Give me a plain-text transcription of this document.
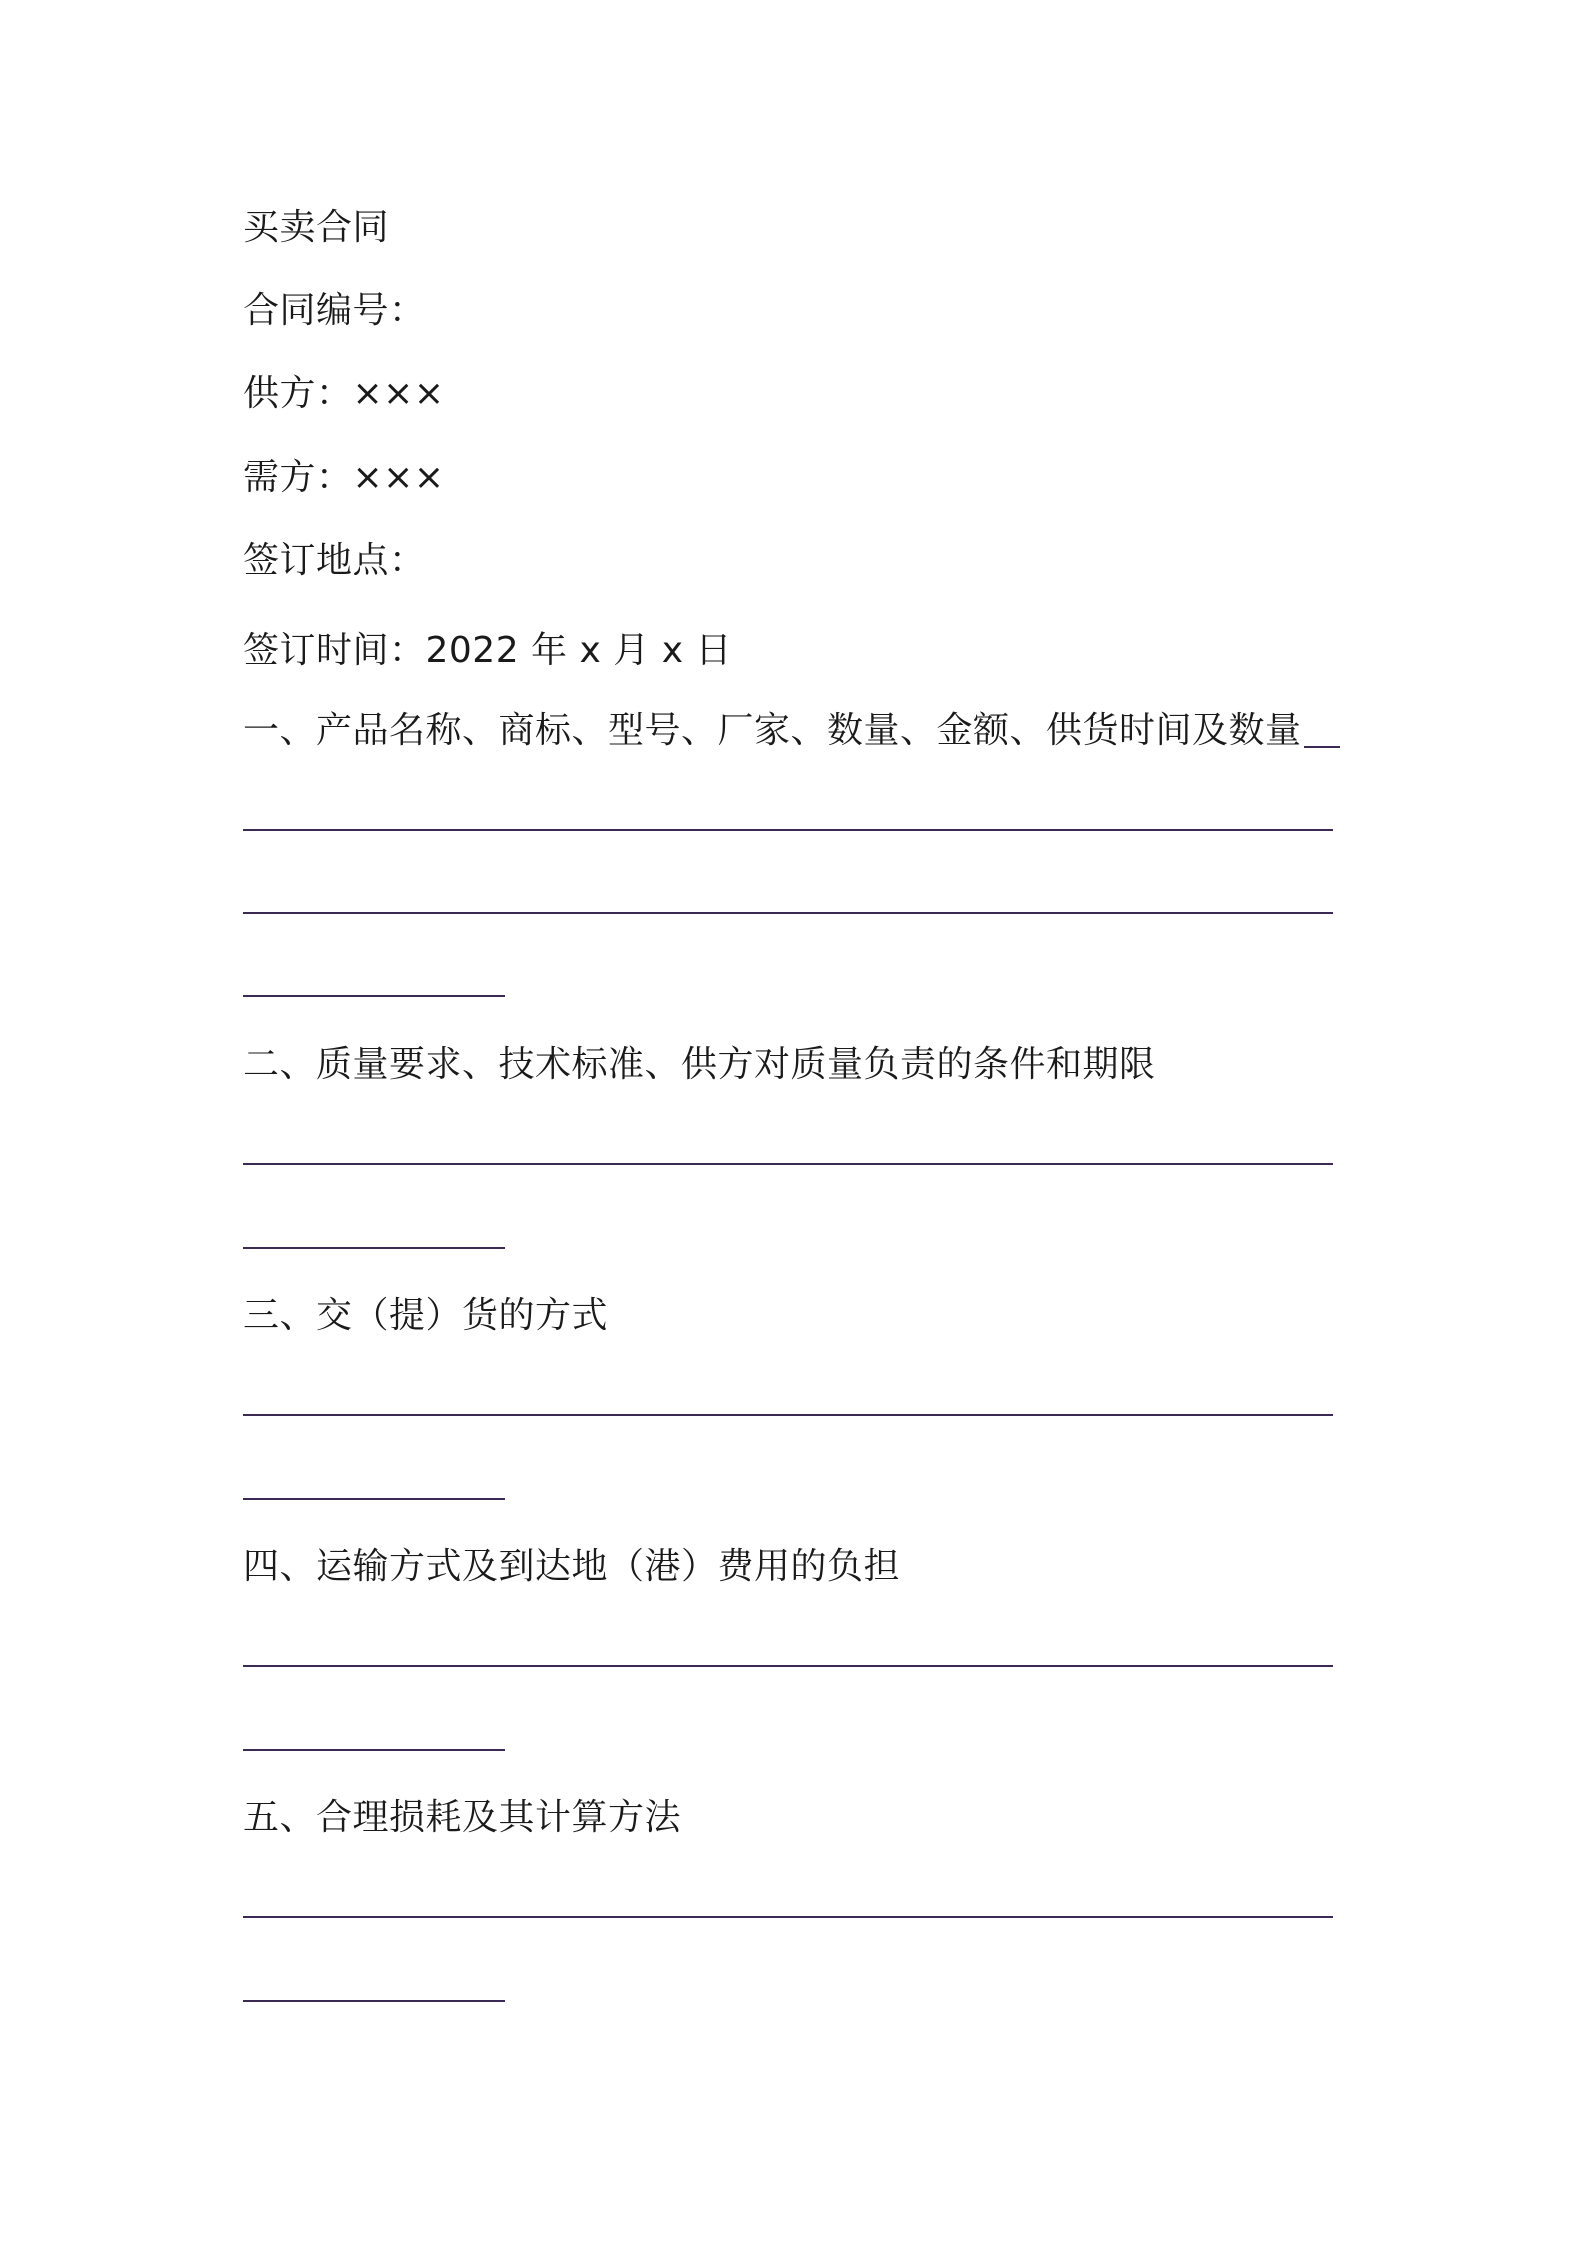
买卖合同
合同编号：
供方：×××
需方：×××
签订地点：
签订时间：2022 年 x 月 x 日
一、产品名称、商标、型号、厂家、数量、金额、供货时间及数量
二、质量要求、技术标准、供方对质量负责的条件和期限
三、交（提）货的方式
四、运输方式及到达地（港）费用的负担
五、合理损耗及其计算方法
